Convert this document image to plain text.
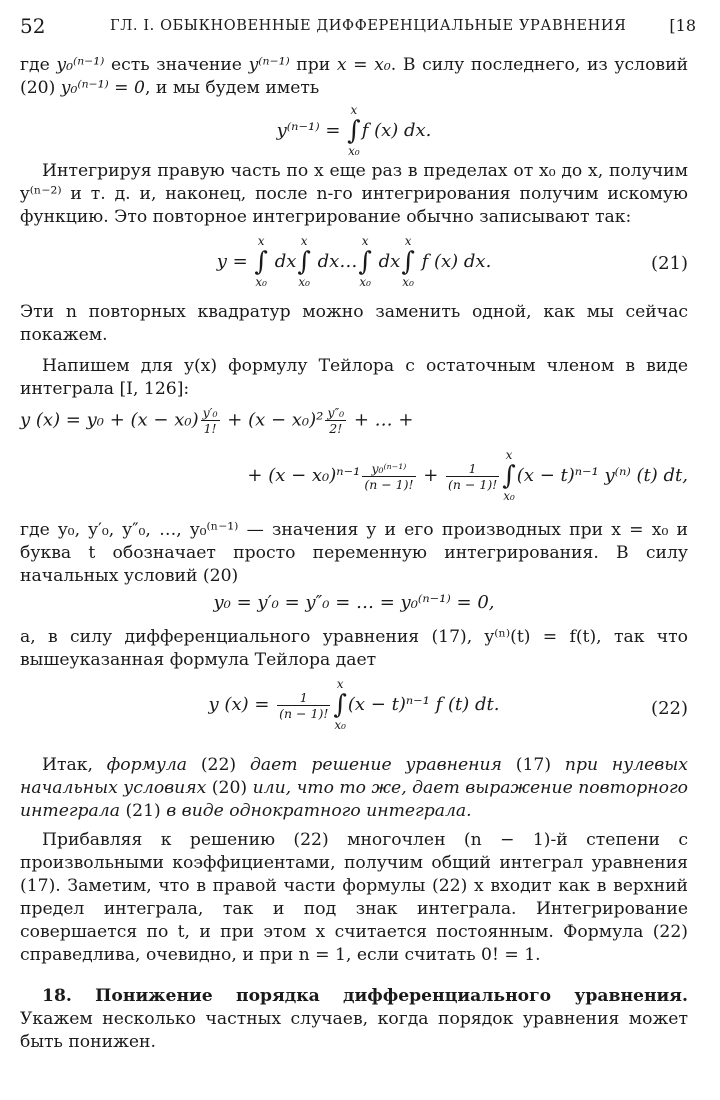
52	ГЛ. I. ОБЫКНОВЕННЫЕ ДИФФЕРЕНЦИАЛЬНЫЕ УРАВНЕНИЯ	[18

где y₀⁽ⁿ⁻¹⁾ есть значение y⁽ⁿ⁻¹⁾ при x = x₀. В силу последнего, из условий (20) y₀⁽ⁿ⁻¹⁾ = 0, и мы будем иметь

y⁽ⁿ⁻¹⁾ =
x
∫
x₀
f (x) dx.

Интегрируя правую часть по x еще раз в пределах от x₀ до x, получим y⁽ⁿ⁻²⁾ и т. д. и, наконец, после n-го интегрирования получим искомую функцию. Это повторное интегрирование обычно записывают так:

y =
x
∫
x₀
dx
x
∫
x₀
dx…
x
∫
x₀
dx
x
∫
x₀
f (x) dx.	(21)

Эти n повторных квадратур можно заменить одной, как мы сейчас покажем.

Напишем для y(x) формулу Тейлора с остаточным членом в виде интеграла [I, 126]:

y $(x) = y_0 + (x - x_0) \frac{\text{y′₀}}{1!} + (x - x_0)^2 \frac{\text{y″₀}}{2!}$ + … +
+ $(x - x_0)^{n-1} \frac{\text{y₀⁽ⁿ⁻¹⁾}}{(n - 1)!} + \frac{1}{(n - 1)!}$
x
∫
x₀
(x − t)ⁿ⁻¹ y⁽ⁿ⁾ (t) dt,

где y₀, y′₀, y″₀, …, y₀⁽ⁿ⁻¹⁾ — значения y и его производных при x = x₀ и буква t обозначает просто переменную интегрирования. В силу начальных условий (20)

y₀ = y′₀ = y″₀ = … = y₀⁽ⁿ⁻¹⁾ = 0,

а, в силу дифференциального уравнения (17), y⁽ⁿ⁾(t) = f(t), так что вышеуказанная формула Тейлора дает

y $(x) = \frac{1}{(n - 1)!}$
x
∫
x₀
(x − t)ⁿ⁻¹ f (t) dt.	(22)

Итак, формула (22) дает решение уравнения (17) при нулевых начальных условиях (20) или, что то же, дает выражение повторного интеграла (21) в виде однократного интеграла.

Прибавляя к решению (22) многочлен (n − 1)-й степени с произвольными коэффициентами, получим общий интеграл уравнения (17). Заметим, что в правой части формулы (22) x входит как в верхний предел интеграла, так и под знак интеграла. Интегрирование совершается по t, и при этом x считается постоянным. Формула (22) справедлива, очевидно, и при n = 1, если считать 0! = 1.

18. Понижение порядка дифференциального уравнения. Укажем несколько частных случаев, когда порядок уравнения может быть понижен.
